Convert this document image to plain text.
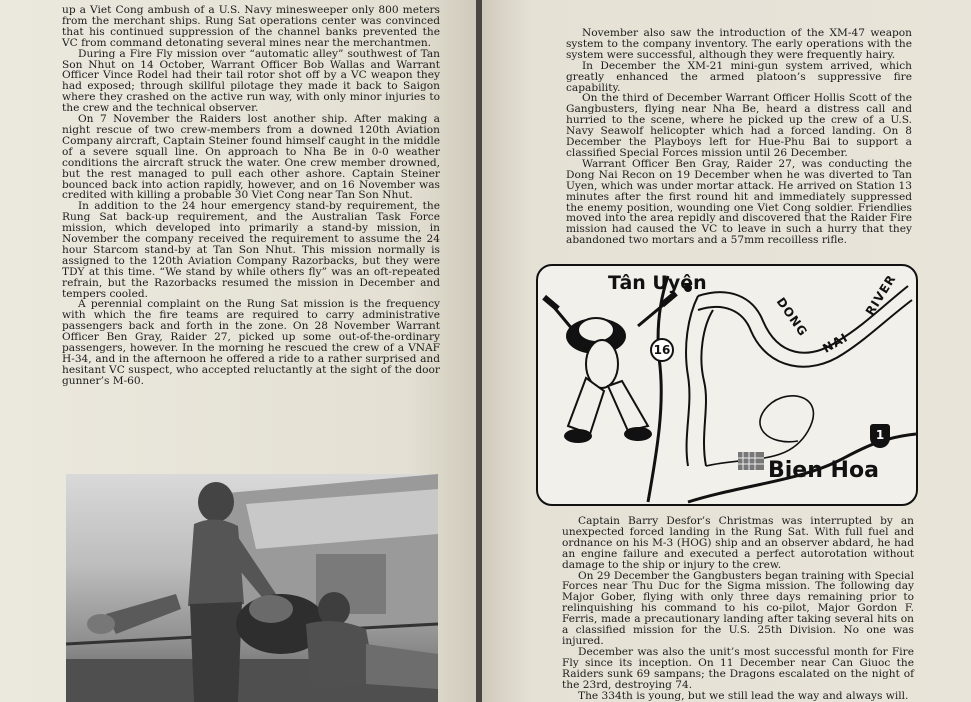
up a Viet Cong ambush of a U.S. Navy minesweeper only 800 meters from the merchant ships. Rung Sat operations center was convinced that his continued suppression of the channel banks prevented the VC from command detonating several mines near the merchantmen.

During a Fire Fly mission over “automatic alley” southwest of Tan Son Nhut on 14 October, Warrant Officer Bob Wallas and Warrant Officer Vince Rodel had their tail rotor shot off by a VC weapon they had exposed; through skillful pilotage they made it back to Saigon where they crashed on the active run way, with only minor injuries to the crew and the technical observer.

On 7 November the Raiders lost another ship. After making a night rescue of two crew-members from a downed 120th Aviation Company aircraft, Captain Steiner found himself caught in the middle of a severe squall line. On approach to Nha Be in 0-0 weather conditions the aircraft struck the water. One crew member drowned, but the rest managed to pull each other ashore. Captain Steiner bounced back into action rapidly, however, and on 16 November was credited with killing a probable 30 Viet Cong near Tan Son Nhut.

In addition to the 24 hour emergency stand-by requirement, the Rung Sat back-up requirement, and the Australian Task Force mission, which developed into primarily a stand-by mission, in November the company received the requirement to assume the 24 hour Starcom stand-by at Tan Son Nhut. This mission normally is assigned to the 120th Aviation Company Razorbacks, but they were TDY at this time. “We stand by while others fly” was an oft-repeated refrain, but the Razorbacks resumed the mission in December and tempers cooled.

A perennial complaint on the Rung Sat mission is the frequency with which the fire teams are required to carry administrative passengers back and forth in the zone. On 28 November Warrant Officer Ben Gray, Raider 27, picked up some out-of-the-ordinary passengers, however. In the morning he rescued the crew of a VNAF H-34, and in the afternoon he offered a ride to a rather surprised and hesitant VC suspect, who accepted reluctantly at the sight of the door gunner’s M-60.

November also saw the introduction of the XM-47 weapon system to the company inventory. The early operations with the system were successful, although they were frequently hairy.

In December the XM-21 mini-gun system arrived, which greatly enhanced the armed platoon’s suppressive fire capability.

On the third of December Warrant Officer Hollis Scott of the Gangbusters, flying near Nha Be, heard a distress call and hurried to the scene, where he picked up the crew of a U.S. Navy Seawolf helicopter which had a forced landing. On 8 December the Playboys left for Hue-Phu Bai to support a classified Special Forces mission until 26 December.

Warrant Officer Ben Gray, Raider 27, was conducting the Dong Nai Recon on 19 December when he was diverted to Tan Uyen, which was under mortar attack. He arrived on Station 13 minutes after the first round hit and immediately suppressed the enemy position, wounding one Viet Cong soldier. Friendlies moved into the area repidly and discovered that the Raider Fire mission had caused the VC to leave in such a hurry that they abandoned two mortars and a 57mm recoilless rifle.

Tân Uyên
Bien Hoa
DONG
NAI
RIVER
16
1

Captain Barry Desfor’s Christmas was interrupted by an unexpected forced landing in the Rung Sat. With full fuel and ordnance on his M-3 (HOG) ship and an observer abdard, he had an engine failure and executed a perfect autorotation without damage to the ship or injury to the crew.

On 29 December the Gangbusters began training with Special Forces near Thu Duc for the Sigma mission. The following day Major Gober, flying with only three days remaining prior to relinquishing his command to his co-pilot, Major Gordon F. Ferris, made a precautionary landing after taking several hits on a classified mission for the U.S. 25th Division. No one was injured.

December was also the unit’s most successful month for Fire Fly since its inception. On 11 December near Can Giuoc the Raiders sunk 69 sampans; the Dragons escalated on the night of the 23rd, destroying 74.

The 334th is young, but we still lead the way and always will.
